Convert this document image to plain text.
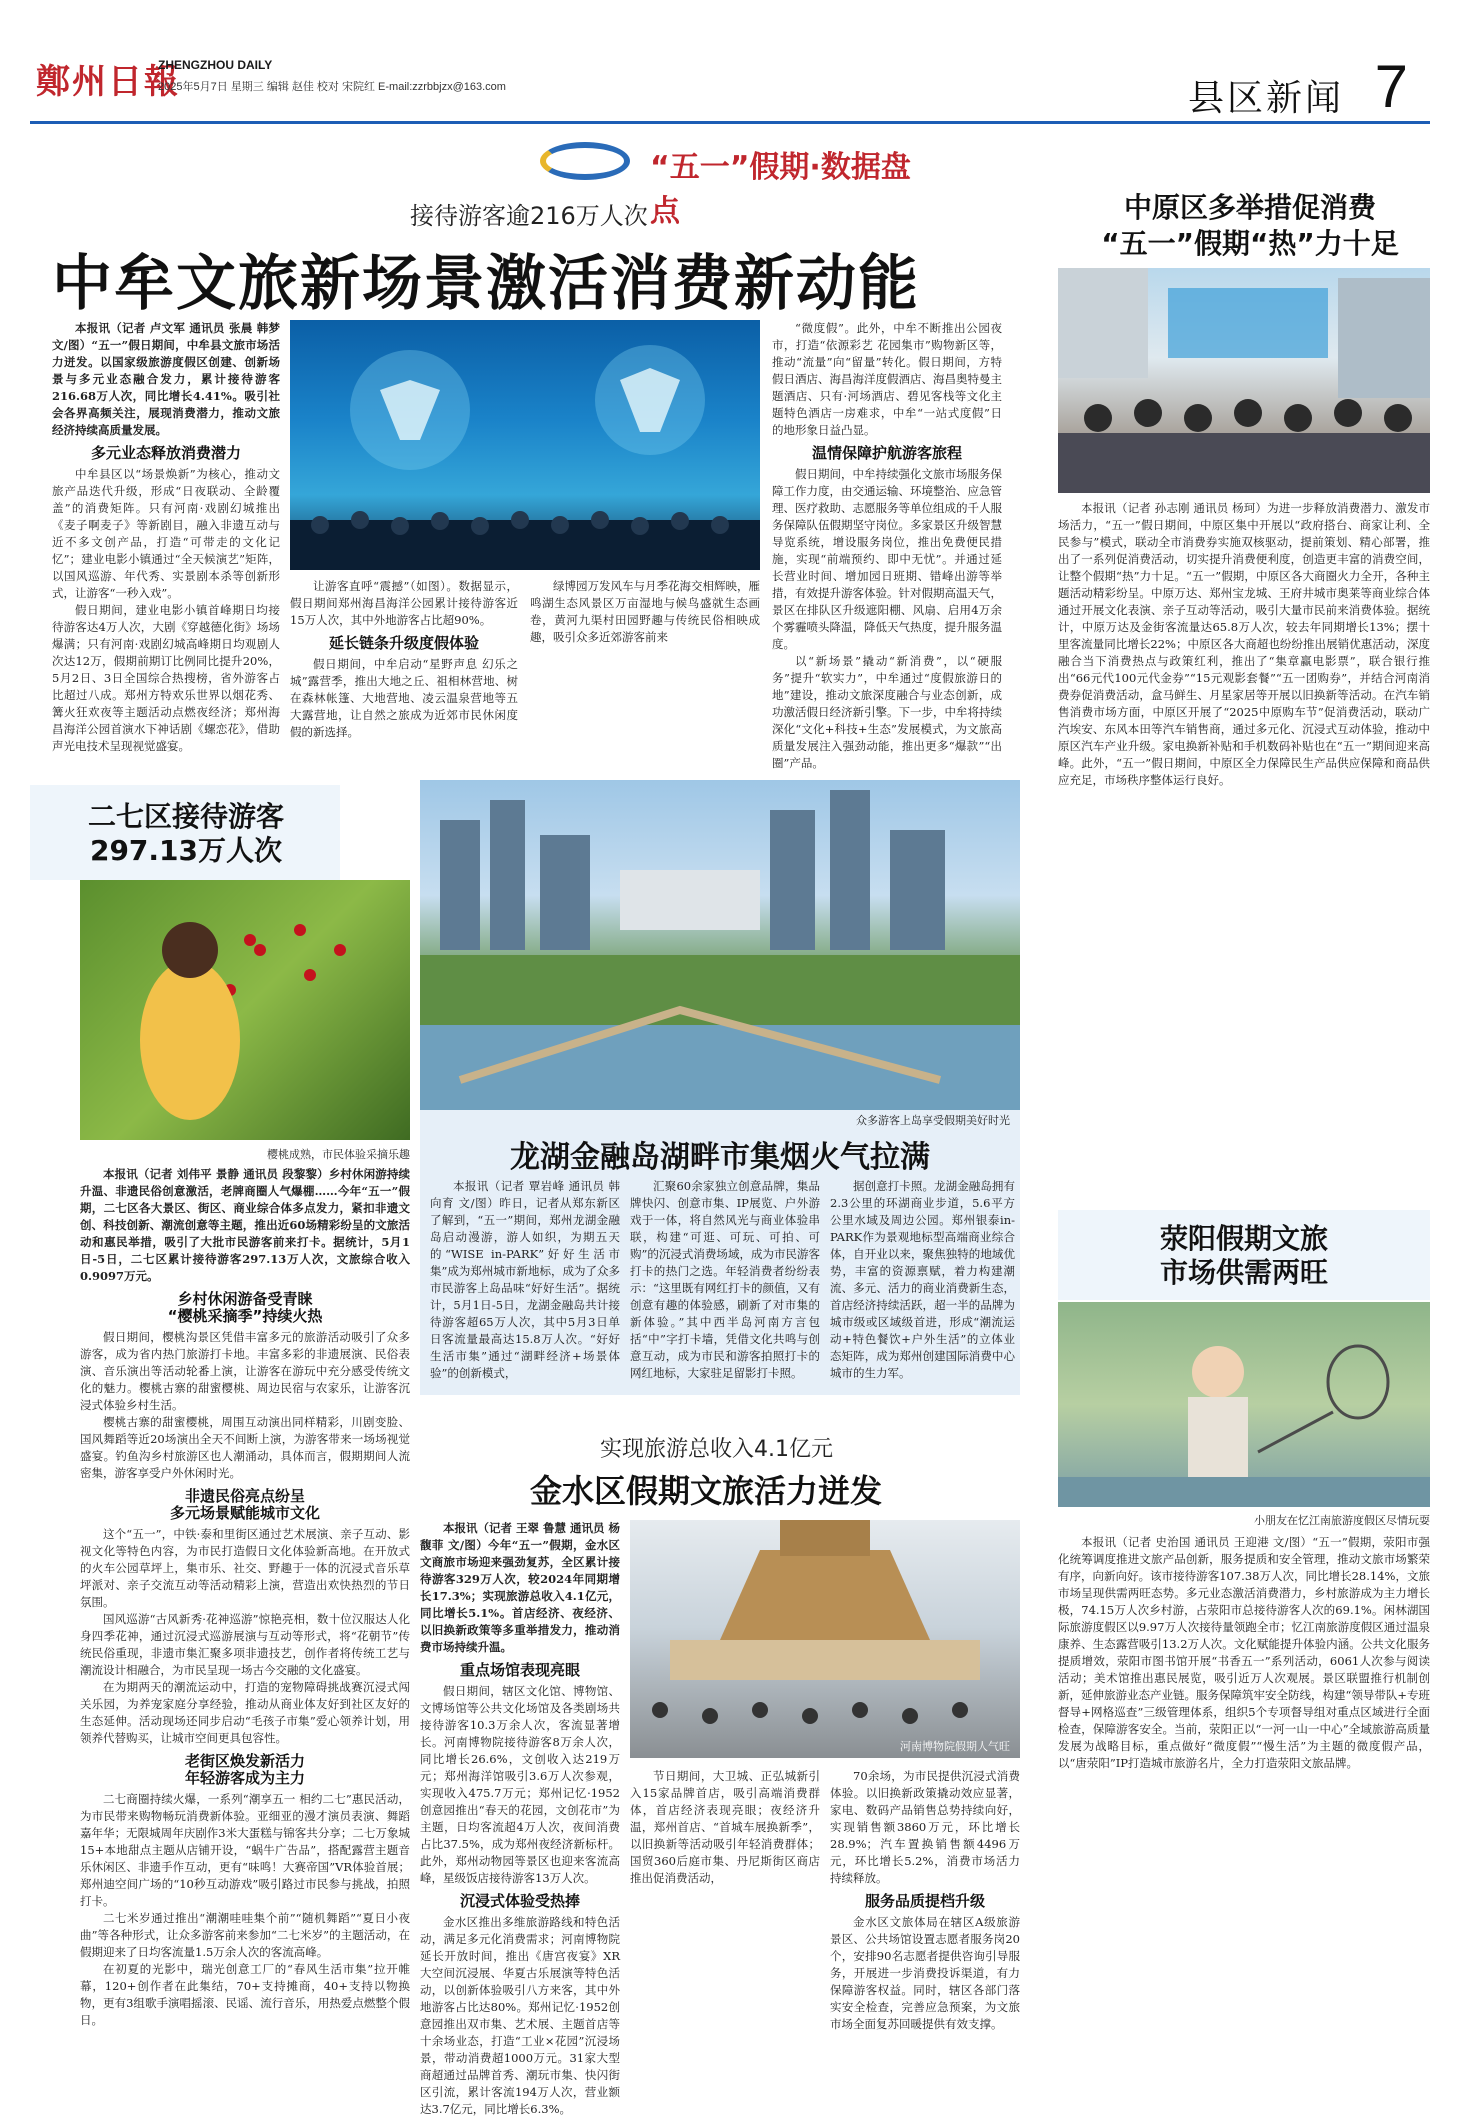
鄭州日報
ZHENGZHOU DAILY
2025年5月7日 星期三 编辑 赵佳 校对 宋院红 E-mail:zzrbbjzx@163.com	县区新闻 7
“五一”假期·数据盘点
接待游客逾216万人次
中牟文旅新场景激活消费新动能

本报讯（记者 卢文军 通讯员 张晨 韩梦 文/图）“五一”假日期间，中牟县文旅市场活力迸发。以国家级旅游度假区创建、创新场景与多元业态融合发力，累计接待游客216.68万人次，同比增长4.41%。吸引社会各界高频关注，展现消费潜力，推动文旅经济持续高质量发展。

多元业态释放消费潜力

中牟县区以“场景焕新”为核心，推动文旅产品迭代升级，形成“日夜联动、全龄覆盖”的消费矩阵。只有河南·戏剧幻城推出《麦子啊麦子》等新剧目，融入非遗互动与近不多文创产品，打造“可带走的文化记忆”；建业电影小镇通过“全天候演艺”矩阵，以国风巡游、年代秀、实景剧本杀等创新形式，让游客“一秒入戏”。

假日期间，建业电影小镇首峰期日均接待游客达4万人次，大剧《穿越德化街》场场爆满；只有河南·戏剧幻城高峰期日均观剧人次达12万，假期前期订比例同比提升20%，5月2日、3日全国综合热搜榜，省外游客占比超过八成。郑州方特欢乐世界以烟花秀、篝火狂欢夜等主题活动点燃夜经济；郑州海昌海洋公园首演水下神话剧《螺恋花》，借助声光电技术呈现视觉盛宴。

让游客直呼“震撼”（如图）。数据显示，假日期间郑州海昌海洋公园累计接待游客近15万人次，其中外地游客占比超90%。

延长链条升级度假体验

假日期间，中牟启动“星野声息 幻乐之城”露营季，推出大地之丘、祖相林营地、树在森林帐篷、大地营地、凌云温泉营地等五大露营地，让自然之旅成为近郊市民休闲度假的新选择。

绿博园万发风车与月季花海交相辉映，雁鸣湖生态风景区万亩湿地与候鸟盛就生态画卷，黄河九渠村田园野趣与传统民俗相映成趣，吸引众多近郊游客前来

“微度假”。此外，中牟不断推出公园夜市，打造“依源彩艺 花园集市”购物新区等，推动“流量”向“留量”转化。假日期间，方特假日酒店、海昌海洋度假酒店、海昌奥特曼主题酒店、只有·河场酒店、碧见客栈等文化主题特色酒店一房难求，中牟“一站式度假”日的地形象日益凸显。

温情保障护航游客旅程

假日期间，中牟持续强化文旅市场服务保障工作力度，由交通运输、环境整治、应急管理、医疗救助、志愿服务等单位组成的千人服务保障队伍假期坚守岗位。多家景区升级智慧导览系统，增设服务岗位，推出免费便民措施，实现“前端预约、即中无忧”。并通过延长营业时间、增加园日班期、错峰出游等举措，有效提升游客体验。针对假期高温天气，景区在排队区升级遮阳棚、风扇、启用4万余个雾霾喷头降温，降低天气热度，提升服务温度。

以“新场景”撬动“新消费”，以“硬服务”提升“软实力”，中牟通过“度假旅游日的地”建设，推动文旅深度融合与业态创新，成功激活假日经济新引擎。下一步，中牟将持续深化“文化+科技+生态”发展模式，为文旅高质量发展注入强劲动能，推出更多“爆款”“出圈”产品。

中原区多举措促消费
“五一”假期“热”力十足

本报讯（记者 孙志刚 通讯员 杨珂）为进一步释放消费潜力、激发市场活力，“五一”假日期间，中原区集中开展以“政府搭台、商家让利、全民参与”模式，联动全市消费券实施双核驱动，提前策划、精心部署，推出了一系列促消费活动，切实提升消费便利度，创造更丰富的消费空间，让整个假期“热”力十足。“五一”假期，中原区各大商圈火力全开，各种主题活动精彩纷呈。中原万达、郑州宝龙城、王府井城市奥莱等商业综合体通过开展文化表演、亲子互动等活动，吸引大量市民前来消费体验。据统计，中原万达及金街客流量达65.8万人次，较去年同期增长13%；摆十里客流量同比增长22%；中原区各大商超也纷纷推出展销优惠活动，深度融合当下消费热点与政策红利，推出了“集章赢电影票”，联合银行推出“66元代100元代金券”“15元观影套餐”“五一团购券”，并结合河南消费券促消费活动，盒马鲜生、月星家居等开展以旧换新等活动。在汽车销售消费市场方面，中原区开展了“2025中原购车节”促消费活动，联动广汽埃安、东风本田等汽车销售商，通过多元化、沉浸式互动体验，推动中原区汽车产业升级。家电换新补贴和手机数码补贴也在“五一”期间迎来高峰。此外，“五一”假日期间，中原区全力保障民生产品供应保障和商品供应充足，市场秩序整体运行良好。

二七区接待游客
297.13万人次
樱桃成熟，市民体验采摘乐趣

本报讯（记者 刘伟平 景静 通讯员 段黎黎）乡村休闲游持续升温、非遗民俗创意激活，老牌商圈人气爆棚……今年“五一”假期，二七区各大景区、街区、商业综合体多点发力，紧扣非遗文创、科技创新、潮流创意等主题，推出近60场精彩纷呈的文旅活动和惠民举措，吸引了大批市民游客前来打卡。据统计，5月1日-5日，二七区累计接待游客297.13万人次，文旅综合收入0.9097万元。

乡村休闲游备受青睐

“樱桃采摘季”持续火热

假日期间，樱桃沟景区凭借丰富多元的旅游活动吸引了众多游客，成为省内热门旅游打卡地。丰富多彩的非遗展演、民俗表演、音乐演出等活动轮番上演，让游客在游玩中充分感受传统文化的魅力。樱桃古寨的甜蜜樱桃、周边民宿与农家乐，让游客沉浸式体验乡村生活。

樱桃古寨的甜蜜樱桃，周围互动演出同样精彩，川剧变脸、国风舞蹈等近20场演出全天不间断上演，为游客带来一场场视觉盛宴。钓鱼沟乡村旅游区也人潮涌动，具体而言，假期期间人流密集，游客享受户外休闲时光。

非遗民俗亮点纷呈

多元场景赋能城市文化

这个“五一”，中铁·泰和里街区通过艺术展演、亲子互动、影视文化等特色内容，为市民打造假日文化体验新高地。在开放式的火车公园草坪上，集市乐、社交、野趣于一体的沉浸式音乐草坪派对、亲子交流互动等活动精彩上演，营造出欢快热烈的节日氛围。

国风巡游“古风新秀·花神巡游”惊艳亮相，数十位汉服达人化身四季花神，通过沉浸式巡游展演与互动等形式，将“花朝节”传统民俗重现，非遗市集汇聚多项非遗技艺，创作者将传统工艺与潮流设计相融合，为市民呈现一场古今交融的文化盛宴。

在为期两天的潮流运动中，打造的宠物障碍挑战赛沉浸式闯关乐园，为养宠家庭分享经验，推动从商业体友好到社区友好的生态延伸。活动现场还同步启动“毛孩子市集”爱心领养计划，用领养代替购买，让城市空间更具包容性。

老街区焕发新活力

年轻游客成为主力

二七商圈持续火爆，一系列“潮享五一 相约二七”惠民活动，为市民带来购物畅玩消费新体验。亚细亚的漫才演员表演、舞蹈嘉年华；无限城周年庆剧作3米大蛋糕与锦客共分享；二七万象城15+本地甜点主题从店铺开设，“蜗牛广告品”，搭配露营主题音乐休闲区、非遗手作互动，更有“味鸣！大赛帝国”VR体验首展；郑州迪空间广场的“10秒互动游戏”吸引路过市民参与挑战，拍照打卡。

二七米岁通过推出“潮潮哇哇集个前”“随机舞蹈”“夏日小夜曲”等各种形式，让众多游客前来参加“二七米岁”的主题活动，在假期迎来了日均客流量1.5万余人次的客流高峰。

在初夏的光影中，瑞光创意工厂的“春风生活市集”拉开帷幕，120+创作者在此集结，70+支持摊商，40+支持以物换物，更有3组歌手演唱摇滚、民谣、流行音乐，用热爱点燃整个假日。

众多游客上岛享受假期美好时光
龙湖金融岛湖畔市集烟火气拉满

本报讯（记者 覃岩峰 通讯员 韩向育 文/图）昨日，记者从郑东新区了解到，“五一”期间，郑州龙湖金融岛启动漫游，游人如织，为期五天的“WISE in-PARK”好好生活市集”成为郑州城市新地标，成为了众多市民游客上岛品味“好好生活”。据统计，5月1日-5日，龙湖金融岛共计接待游客超65万人次，其中5月3日单日客流量最高达15.8万人次。“好好生活市集”通过“湖畔经济+场景体验”的创新模式，

汇聚60余家独立创意品牌，集品牌快闪、创意市集、IP展览、户外游戏于一体，将自然风光与商业体验串联，构建“可逛、可玩、可拍、可购”的沉浸式消费场域，成为市民游客打卡的热门之选。年轻消费者纷纷表示：“这里既有网红打卡的颜值，又有创意有趣的体验感，刷新了对市集的新体验。”其中西半岛河南方言包括“中”字打卡墙，凭借文化共鸣与创意互动，成为市民和游客拍照打卡的网红地标，大家驻足留影打卡照。

据创意打卡照。龙湖金融岛拥有2.3公里的环湖商业步道，5.6平方公里水域及周边公园。郑州银泰in-PARK作为景观地标型高端商业综合体，自开业以来，聚焦独特的地域优势，丰富的资源禀赋，着力构建潮流、多元、活力的商业消费新生态，首店经济持续活跃，超一半的品牌为城市级或区域级首进，形成“潮流运动+特色餐饮+户外生活”的立体业态矩阵，成为郑州创建国际消费中心城市的生力军。

实现旅游总收入4.1亿元
金水区假期文旅活力迸发

本报讯（记者 王翠 鲁慧 通讯员 杨馥菲 文/图）今年“五一”假期，金水区文商旅市场迎来强劲复苏，全区累计接待游客329万人次，较2024年同期增长17.3%；实现旅游总收入4.1亿元，同比增长5.1%。首店经济、夜经济、以旧换新政策等多重举措发力，推动消费市场持续升温。

重点场馆表现亮眼

假日期间，辖区文化馆、博物馆、文博场馆等公共文化场馆及各类剧场共接待游客10.3万余人次，客流显著增长。河南博物院接待游客8万余人次，同比增长26.6%，文创收入达219万元；郑州海洋馆吸引3.6万人次参观，实现收入475.7万元；郑州记忆·1952创意园推出“春天的花园，文创花市”为主题，日均客流超4万人次，夜间消费占比37.5%，成为郑州夜经济新标杆。此外，郑州动物园等景区也迎来客流高峰，星级饭店接待游客13万人次。

沉浸式体验受热捧

金水区推出多维旅游路线和特色活动，满足多元化消费需求；河南博物院延长开放时间，推出《唐宫夜宴》XR大空间沉浸展、华夏古乐展演等特色活动，以创新体验吸引八方来客，其中外地游客占比达80%。郑州记忆·1952创意园推出双市集、艺术展、主题首店等十余场业态，打造“工业×花园”沉浸场景，带动消费超1000万元。31家大型商超通过品牌首秀、潮玩市集、快闪街区引流，累计客流194万人次，营业额达3.7亿元，同比增长6.3%。

河南博物院假期人气旺

节日期间，大卫城、正弘城新引入15家品牌首店，吸引高端消费群体，首店经济表现亮眼；夜经济升温，郑州首店、“首城车展换新季”，以旧换新等活动吸引年轻消费群体；国贸360后庭市集、丹尼斯街区商店推出促消费活动，

70余场，为市民提供沉浸式消费体验。以旧换新政策撬动效应显著，家电、数码产品销售总势持续向好，实现销售额3860万元，环比增长28.9%；汽车置换销售额4496万元，环比增长5.2%，消费市场活力持续释放。

服务品质提档升级

金水区文旅体局在辖区A级旅游景区、公共场馆设置志愿者服务岗20个，安排90名志愿者提供咨询引导服务，开展进一步消费投诉渠道，有力保障游客权益。同时，辖区各部门落实安全检查，完善应急预案，为文旅市场全面复苏回暖提供有效支撑。

荥阳假期文旅
市场供需两旺
小朋友在忆江南旅游度假区尽情玩耍

本报讯（记者 史治国 通讯员 王迎港 文/图）“五一”假期，荥阳市强化统筹调度推进文旅产品创新，服务提质和安全管理，推动文旅市场繁荣有序，向新向好。该市接待游客107.38万人次，同比增长28.14%，文旅市场呈现供需两旺态势。多元业态激活消费潜力，乡村旅游成为主力增长极，74.15万人次乡村游，占荥阳市总接待游客人次的69.1%。闲林湖国际旅游度假区以9.97万人次接待量领跑全市；忆江南旅游度假区通过温泉康养、生态露营吸引13.2万人次。文化赋能提升体验内涵。公共文化服务提质增效，荥阳市图书馆开展“书香五一”系列活动，6061人次参与阅读活动；美术馆推出惠民展览，吸引近万人次观展。景区联盟推行机制创新，延伸旅游业态产业链。服务保障筑牢安全防线，构建“领导带队+专班督导+网格巡查”三级管理体系，组织5个专项督导组对重点区域进行全面检查，保障游客安全。当前，荥阳正以“一河一山一中心”全域旅游高质量发展为战略目标，重点做好“微度假”“慢生活”为主题的微度假产品，以“唐荥阳”IP打造城市旅游名片，全力打造荥阳文旅品牌。
